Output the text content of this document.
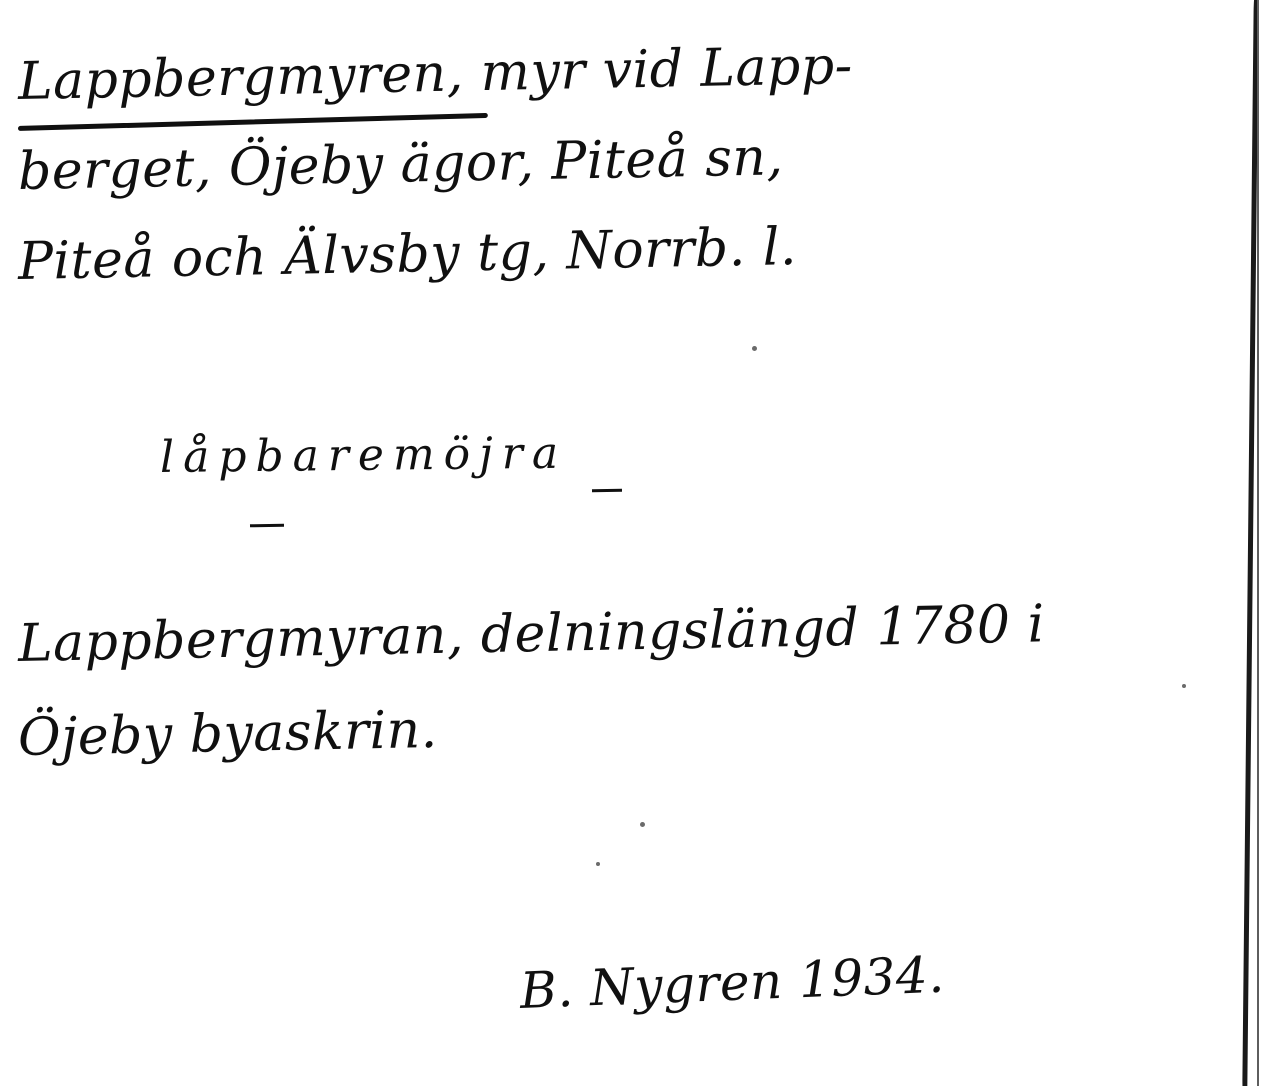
Lappbergmyren, myr vid Lapp-
berget, Öjeby ägor, Piteå sn,
Piteå och Älvsby tg, Norrb. l.
låpbaremöjra
Lappbergmyran, delningslängd 1780 i
Öjeby byaskrin.
B. Nygren 1934.
